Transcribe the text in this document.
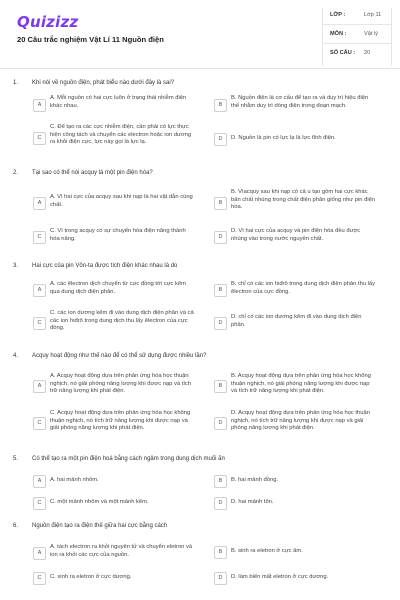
Quizizz
20 Câu trắc nghiệm Vật Lí 11 Nguồn điện
LỚP :	Lớp 11
MÔN :	Vật lý
SỐ CÂU : 20
1. Khi nói về nguồn điện, phát biểu nào dưới đây là sai?
A
A. Mỗi nguồn có hai cực luôn ở trạng thái nhiễm điện khác nhau.	B
B. Nguồn điện là cơ cấu để tạo ra và duy trì hiệu điện thế nhằm duy trì dòng điện trong đoạn mạch.
C
C. Để tạo ra các cực nhiễm điện, cần phải có lực thực hiện công tách và chuyển các electron hoặc ion dương ra khỏi điện cực, lực này gọi là lực lạ.
D	D. Nguồn là pin có lực lạ là lực tĩnh điện.
2. Tại sao có thể nói acquy là một pin điện hóa?
A
A. Vì hai cực của acquy sau khi nạp là hai vật dẫn cùng chất.	B
B. Vìacquy sau khi nạp có cả u tạo gồm hai cực khác bản chất nhúng trong chất điện phân giống như pin điện hóa.
C
C. Vì trong acquy có sự chuyển hóa điện năng thành hóa năng.	D
D. Vì hai cực của acquy và pin điện hóa đều được nhúng vào trong nước nguyên chất.
3. Hai cực của pin Vôn-ta được tích điện khác nhau là do
A
A. các êlectron dịch chuyển từ cực đồng tới cực kẽm qua dung dịch điện phân.	B
B. chỉ có các ion hiđrô trong dung dịch điện phân thu lấy êlectron của cực đồng.
C
C. các ion dương kẽm đi vào dung dịch điện phân và cả các ion hiđrô trong dung dịch thu lấy êlectron của cực đồng.
D
D. chỉ có các ion dương kẽm đi vào dung dịch điện phân.
4. Acquy hoạt động như thế nào để có thể sử dụng được nhiều lần?
A
A. Acquy hoạt động dựa trên phản ứng hóa học thuận nghịch, nó giải phóng năng lượng khi được nạp và tích trữ năng lượng khi phát điện.
B
B. Acquy hoạt động dựa trên phản ứng hóa học không thuận nghịch, nó giải phóng năng lượng khi được nạp và tích trữ năng lượng khi phát điện.
C
C. Acquy hoạt động dựa trên phản ứng hóa học không thuận nghịch, nó tích trữ năng lượng khi được nạp và giải phóng năng lượng khi phát điện.
D
D. Acquy hoạt động dựa trên phản ứng hóa học thuận nghịch, nó tích trữ năng lượng khi được nạp và giải phóng năng lượng khi phát điện.
5. Có thể tạo ra một pin điện hoá bằng cách ngâm trong dung dịch muối ăn
A	A. hai mảnh nhôm.	B	B. hai mảnh đồng.
C	C. một mảnh nhôm và một mảnh kẽm.	D	D. hai mảnh tôn.
6. Nguồn điện tạo ra điện thế giữa hai cực bằng cách
A
A. tách electron ra khỏi nguyên tử và chuyển eletron và ion ra khỏi các cực của nguồn.	B	B. sinh ra eletron ở cực âm.
C	C. sinh ra eletron ở cực dương.	D	D. làm biến mất eletron ở cực dương.
